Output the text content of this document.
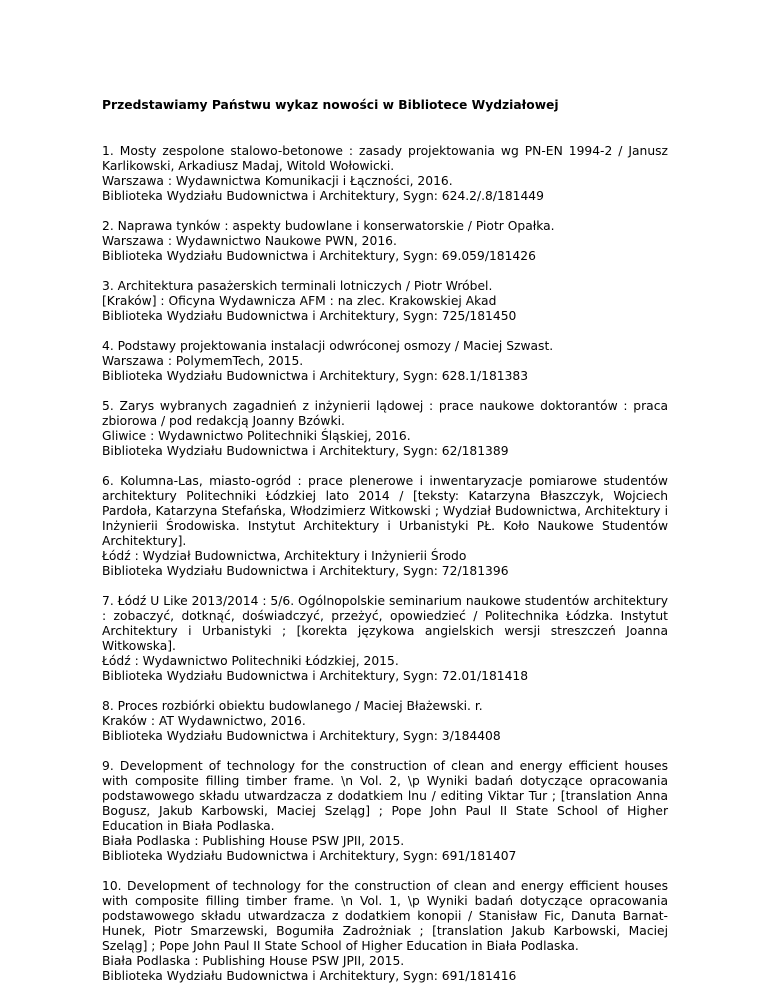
Przedstawiamy Państwu wykaz nowości w Bibliotece Wydziałowej
1. Mosty zespolone stalowo-betonowe : zasady projektowania wg PN-EN 1994-2 / Janusz Karlikowski, Arkadiusz Madaj, Witold Wołowicki.
Warszawa : Wydawnictwa Komunikacji i Łączności, 2016.
Biblioteka Wydziału Budownictwa i Architektury, Sygn: 624.2/.8/181449
2. Naprawa tynków : aspekty budowlane i konserwatorskie / Piotr Opałka.
Warszawa : Wydawnictwo Naukowe PWN, 2016.
Biblioteka Wydziału Budownictwa i Architektury, Sygn: 69.059/181426
3. Architektura pasażerskich terminali lotniczych / Piotr Wróbel.
[Kraków] : Oficyna Wydawnicza AFM : na zlec. Krakowskiej Akad
Biblioteka Wydziału Budownictwa i Architektury, Sygn: 725/181450
4. Podstawy projektowania instalacji odwróconej osmozy / Maciej Szwast.
Warszawa : PolymemTech, 2015.
Biblioteka Wydziału Budownictwa i Architektury, Sygn: 628.1/181383
5. Zarys wybranych zagadnień z inżynierii lądowej : prace naukowe doktorantów : praca zbiorowa / pod redakcją Joanny Bzówki.
Gliwice : Wydawnictwo Politechniki Śląskiej, 2016.
Biblioteka Wydziału Budownictwa i Architektury, Sygn: 62/181389
6. Kolumna-Las, miasto-ogród : prace plenerowe i inwentaryzacje pomiarowe studentów architektury Politechniki Łódzkiej lato 2014 / [teksty: Katarzyna Błaszczyk, Wojciech Pardoła, Katarzyna Stefańska, Włodzimierz Witkowski ; Wydział Budownictwa, Architektury i Inżynierii Środowiska. Instytut Architektury i Urbanistyki PŁ. Koło Naukowe Studentów Architektury].
Łódź : Wydział Budownictwa, Architektury i Inżynierii Środo
Biblioteka Wydziału Budownictwa i Architektury, Sygn: 72/181396
7. Łódź U Like 2013/2014 : 5/6. Ogólnopolskie seminarium naukowe studentów architektury : zobaczyć, dotknąć, doświadczyć, przeżyć, opowiedzieć / Politechnika Łódzka. Instytut Architektury i Urbanistyki ; [korekta językowa angielskich wersji streszczeń Joanna Witkowska].
Łódź : Wydawnictwo Politechniki Łódzkiej, 2015.
Biblioteka Wydziału Budownictwa i Architektury, Sygn: 72.01/181418
8. Proces rozbiórki obiektu budowlanego / Maciej Błażewski. r.
Kraków : AT Wydawnictwo, 2016.
Biblioteka Wydziału Budownictwa i Architektury, Sygn: 3/184408
9. Development of technology for the construction of clean and energy efficient houses with composite filling timber frame. \n Vol. 2, \p Wyniki badań dotyczące opracowania podstawowego składu utwardzacza z dodatkiem lnu / editing Viktar Tur ; [translation Anna Bogusz, Jakub Karbowski, Maciej Szeląg] ; Pope John Paul II State School of Higher Education in Biała Podlaska.
Biała Podlaska : Publishing House PSW JPII, 2015.
Biblioteka Wydziału Budownictwa i Architektury, Sygn: 691/181407
10. Development of technology for the construction of clean and energy efficient houses with composite filling timber frame. \n Vol. 1, \p Wyniki badań dotyczące opracowania podstawowego składu utwardzacza z dodatkiem konopii / Stanisław Fic, Danuta Barnat-Hunek, Piotr Smarzewski, Bogumiła Zadrożniak ; [translation Jakub Karbowski, Maciej Szeląg] ; Pope John Paul II State School of Higher Education in Biała Podlaska.
Biała Podlaska : Publishing House PSW JPII, 2015.
Biblioteka Wydziału Budownictwa i Architektury, Sygn: 691/181416
